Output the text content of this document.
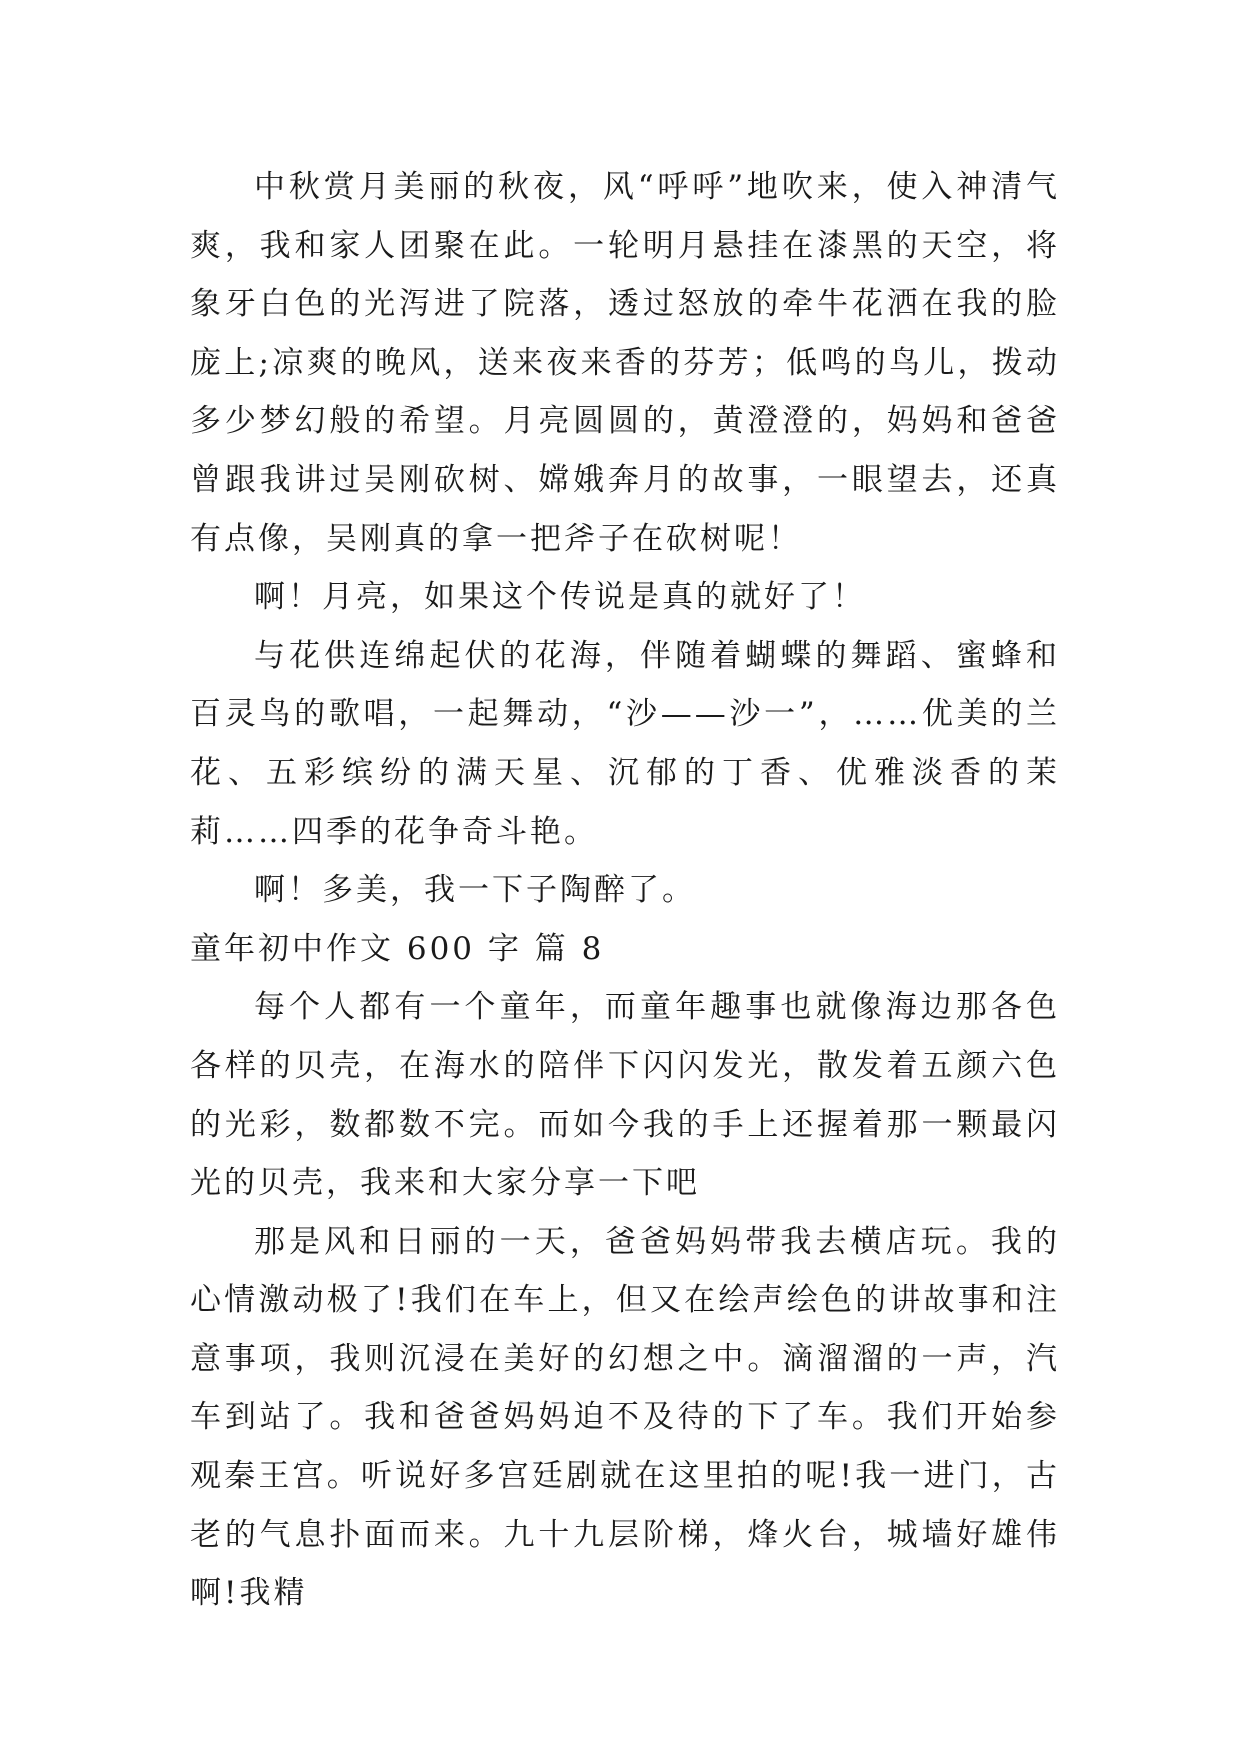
中秋赏月美丽的秋夜，风“呼呼”地吹来，使入神清气爽，我和家人团聚在此。一轮明月悬挂在漆黑的天空，将象牙白色的光泻进了院落，透过怒放的牵牛花洒在我的脸庞上;凉爽的晚风，送来夜来香的芬芳；低鸣的鸟儿，拨动多少梦幻般的希望。月亮圆圆的，黄澄澄的，妈妈和爸爸曾跟我讲过吴刚砍树、嫦娥奔月的故事，一眼望去，还真有点像，吴刚真的拿一把斧子在砍树呢！

啊！月亮，如果这个传说是真的就好了！

与花供连绵起伏的花海，伴随着蝴蝶的舞蹈、蜜蜂和百灵鸟的歌唱，一起舞动，“沙——沙一”，……优美的兰花、五彩缤纷的满天星、沉郁的丁香、优雅淡香的茉莉……四季的花争奇斗艳。

啊！多美，我一下子陶醉了。

童年初中作文 600 字 篇 8

每个人都有一个童年，而童年趣事也就像海边那各色各样的贝壳，在海水的陪伴下闪闪发光，散发着五颜六色的光彩，数都数不完。而如今我的手上还握着那一颗最闪光的贝壳，我来和大家分享一下吧

那是风和日丽的一天，爸爸妈妈带我去横店玩。我的心情激动极了!我们在车上，但又在绘声绘色的讲故事和注意事项，我则沉浸在美好的幻想之中。滴溜溜的一声，汽车到站了。我和爸爸妈妈迫不及待的下了车。我们开始参观秦王宫。听说好多宫廷剧就在这里拍的呢!我一进门，古老的气息扑面而来。九十九层阶梯，烽火台，城墙好雄伟啊!我精
